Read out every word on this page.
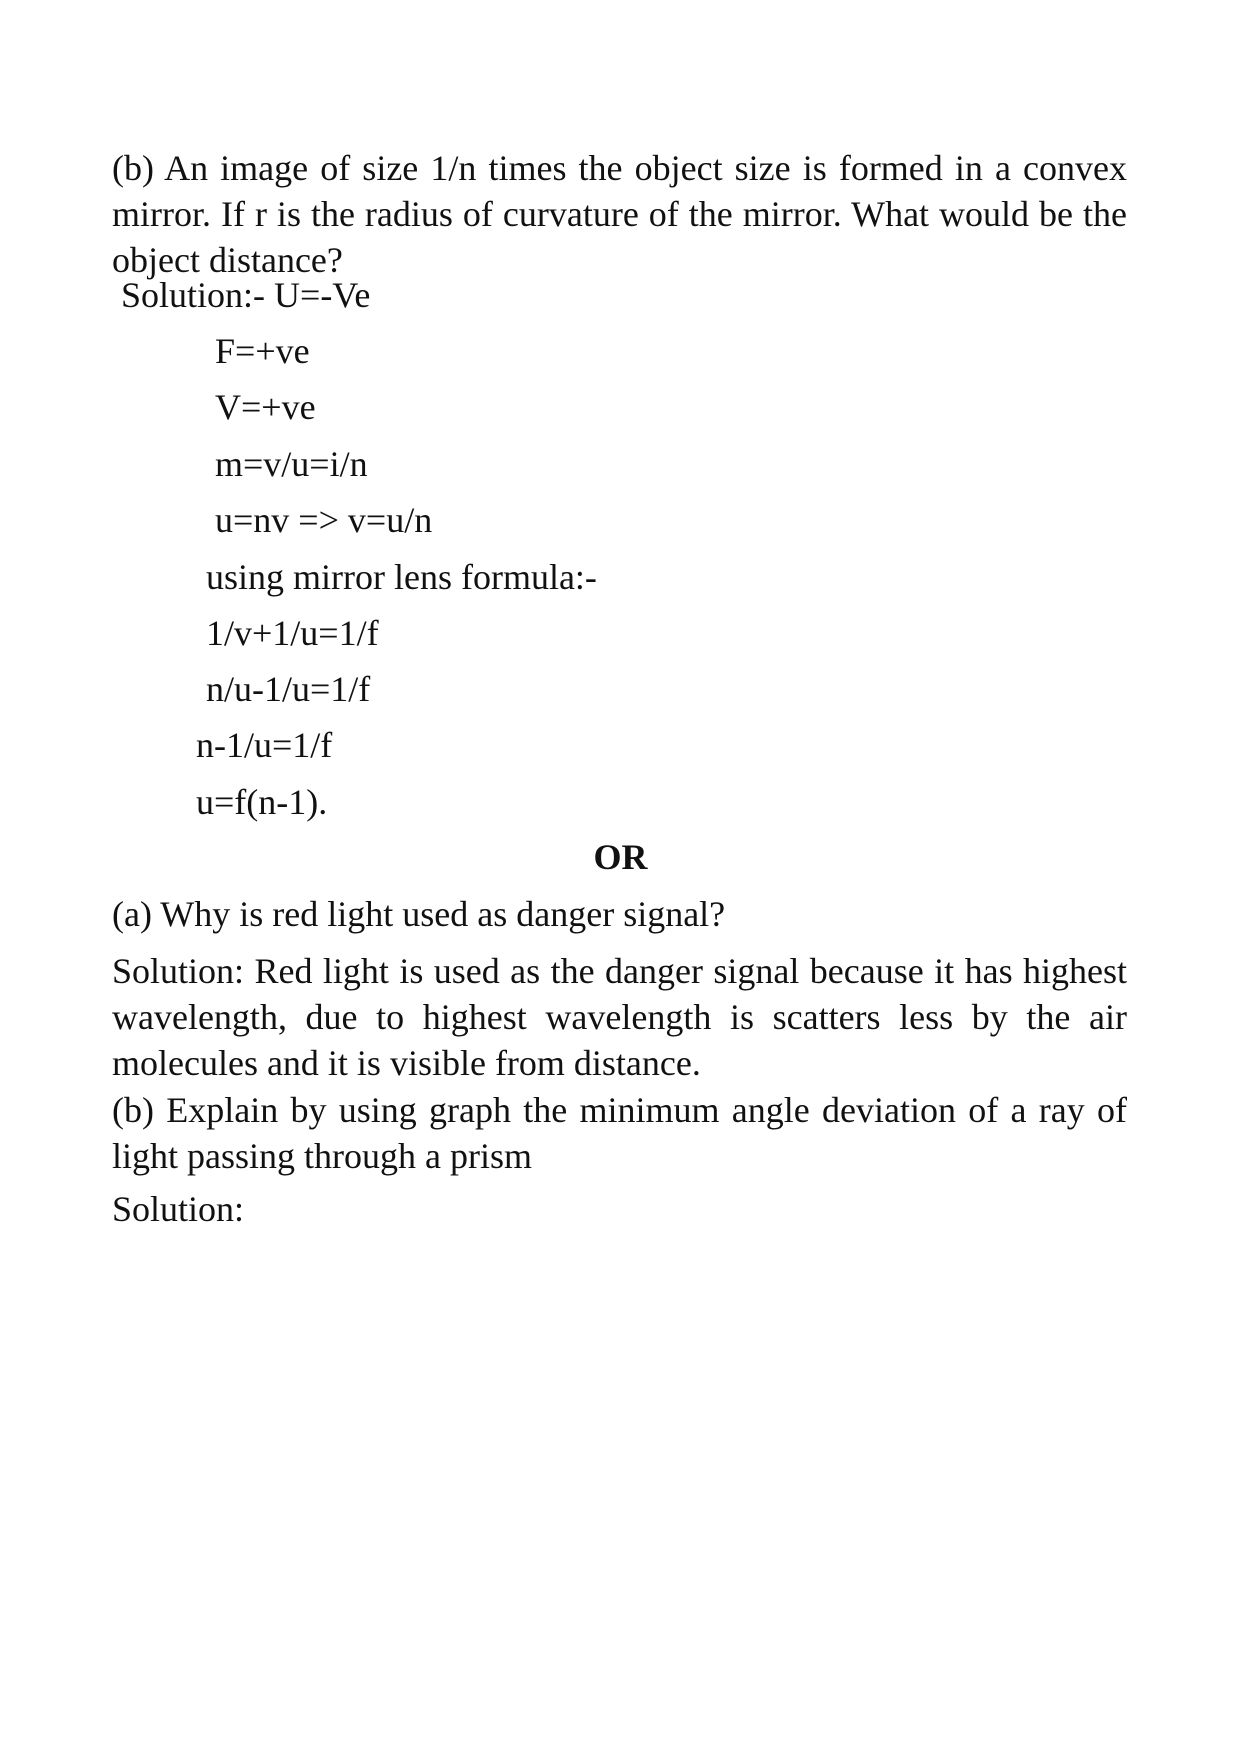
(b) An image of size 1/n times the object size is formed in a convex mirror. If r is the radius of curvature of the mirror. What would be the object distance?

Solution:- U=-Ve
F=+ve
V=+ve
m=v/u=i/n
u=nv => v=u/n
using mirror lens formula:-
1/v+1/u=1/f
n/u-1/u=1/f
n-1/u=1/f
u=f(n-1).
OR
(a) Why is red light used as danger signal?

Solution: Red light is used as the danger signal because it has highest wavelength, due to highest wavelength is scatters less by the air molecules and it is visible from distance.

(b) Explain by using graph the minimum angle deviation of a ray of light passing through a prism

Solution:
